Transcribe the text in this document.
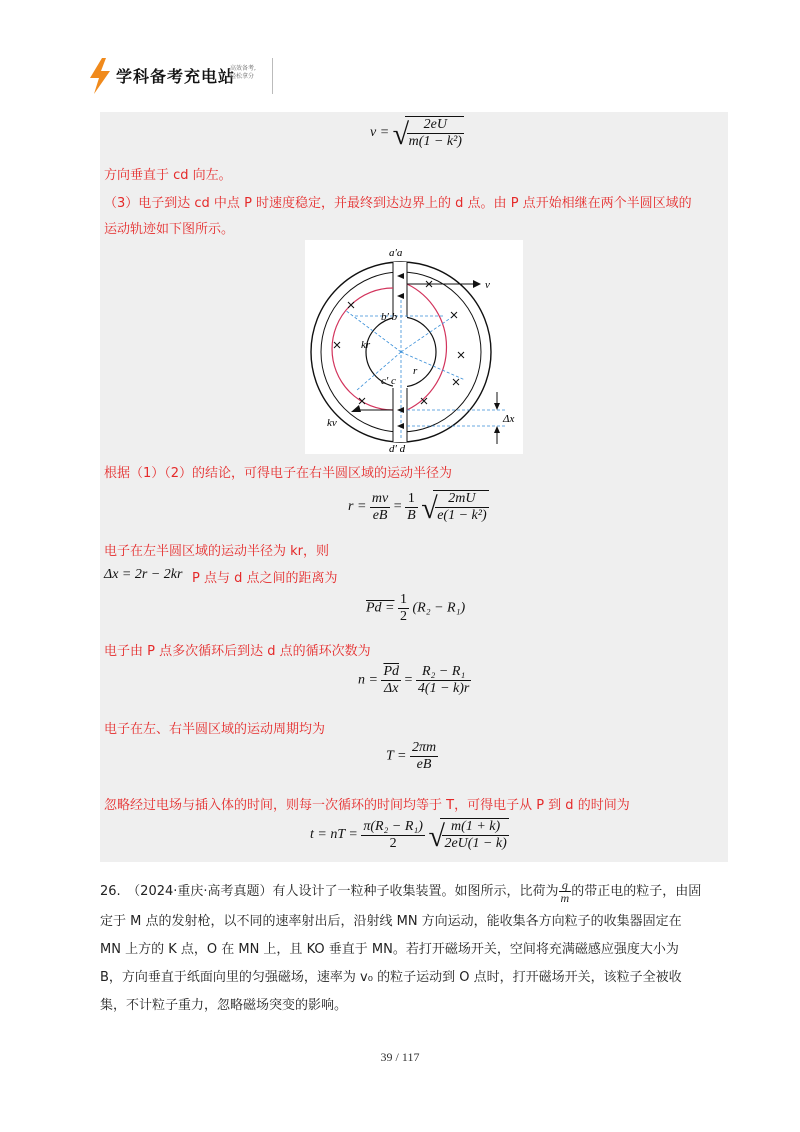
学科备考充电站
高效备考,
轻松拿分
v = √
$\frac{2eU}{\text{m(1 − k²)}}$
方向垂直于 cd 向左。
（3）电子到达 cd 中点 P 时速度稳定，并最终到达边界上的 d 点。由 P 点开始相继在两个半圆区域的
运动轨迹如下图所示。
根据（1）（2）的结论，可得电子在右半圆区域的运动半径为
$r = \frac{mv}{eB} = \frac{1}{B}$
√
$\frac{2mU}{\text{e(1 − k²)}}$
电子在左半圆区域的运动半径为 kr，则
Δx = 2r − 2kr P 点与 d 点之间的距离为
$Pd = \frac{1}{2} (R_2 - R_1)$
电子由 P 点多次循环后到达 d 点的循环次数为
$n = \frac{\overline{Pd}}{\Delta x} = \frac{\text{R₂ − R₁}}{4(1 - k)r}$
电子在左、右半圆区域的运动周期均为
$T = \frac{2\pi m}{eB}$
忽略经过电场与插入体的时间，则每一次循环的时间均等于 T，可得电子从 P 到 d 的时间为
t = nT = $\frac{\text{π(R₂ − R₁)}}{2}$
√
$\frac{m(1 + k)}{2eU(1 - k)}$
a′a
v
b′ b
kr
r
c′ c
kv
d′ d
Δx
26.　（2024·重庆·高考真题）有人设计了一粒种子收集装置。如图所示，比荷为 $\frac{q}{m}$ 的带正电的粒子，由固
定于 M 点的发射枪，以不同的速率射出后，沿射线 MN 方向运动，能收集各方向粒子的收集器固定在
MN 上方的 K 点，O 在 MN 上，且 KO 垂直于 MN。若打开磁场开关，空间将充满磁感应强度大小为
B，方向垂直于纸面向里的匀强磁场，速率为 v₀ 的粒子运动到 O 点时，打开磁场开关，该粒子全被收
集，不计粒子重力，忽略磁场突变的影响。
39 / 117
